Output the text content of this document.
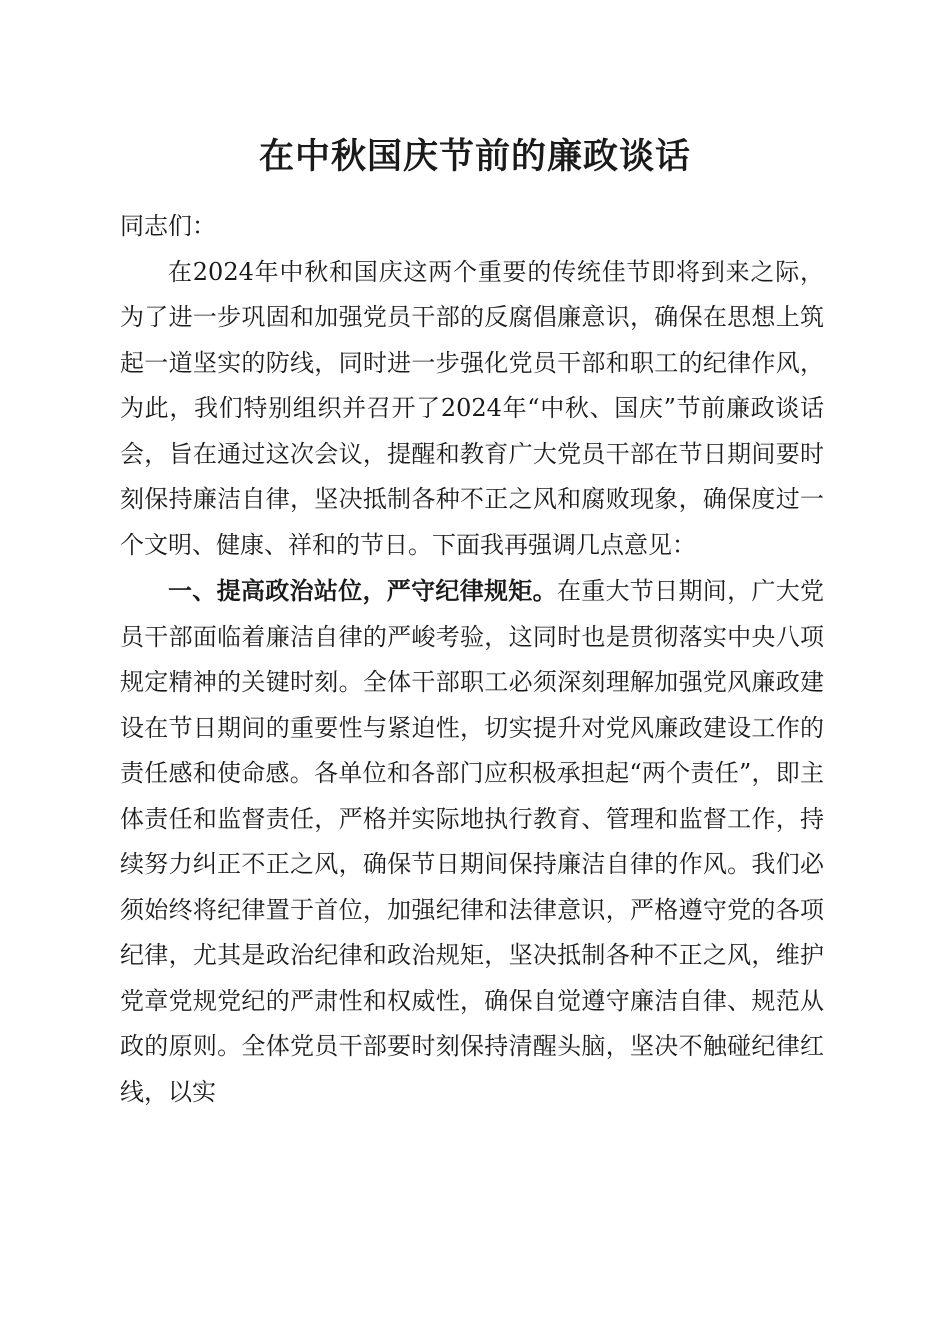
在中秋国庆节前的廉政谈话

同志们：

在2024年中秋和国庆这两个重要的传统佳节即将到来之际，为了进一步巩固和加强党员干部的反腐倡廉意识，确保在思想上筑起一道坚实的防线，同时进一步强化党员干部和职工的纪律作风，为此，我们特别组织并召开了2024年“中秋、国庆”节前廉政谈话会，旨在通过这次会议，提醒和教育广大党员干部在节日期间要时刻保持廉洁自律，坚决抵制各种不正之风和腐败现象，确保度过一个文明、健康、祥和的节日。下面我再强调几点意见：

一、提高政治站位，严守纪律规矩。在重大节日期间，广大党员干部面临着廉洁自律的严峻考验，这同时也是贯彻落实中央八项规定精神的关键时刻。全体干部职工必须深刻理解加强党风廉政建设在节日期间的重要性与紧迫性，切实提升对党风廉政建设工作的责任感和使命感。各单位和各部门应积极承担起“两个责任”，即主体责任和监督责任，严格并实际地执行教育、管理和监督工作，持续努力纠正不正之风，确保节日期间保持廉洁自律的作风。我们必须始终将纪律置于首位，加强纪律和法律意识，严格遵守党的各项纪律，尤其是政治纪律和政治规矩，坚决抵制各种不正之风，维护党章党规党纪的严肃性和权威性，确保自觉遵守廉洁自律、规范从政的原则。全体党员干部要时刻保持清醒头脑，坚决不触碰纪律红线，以实
